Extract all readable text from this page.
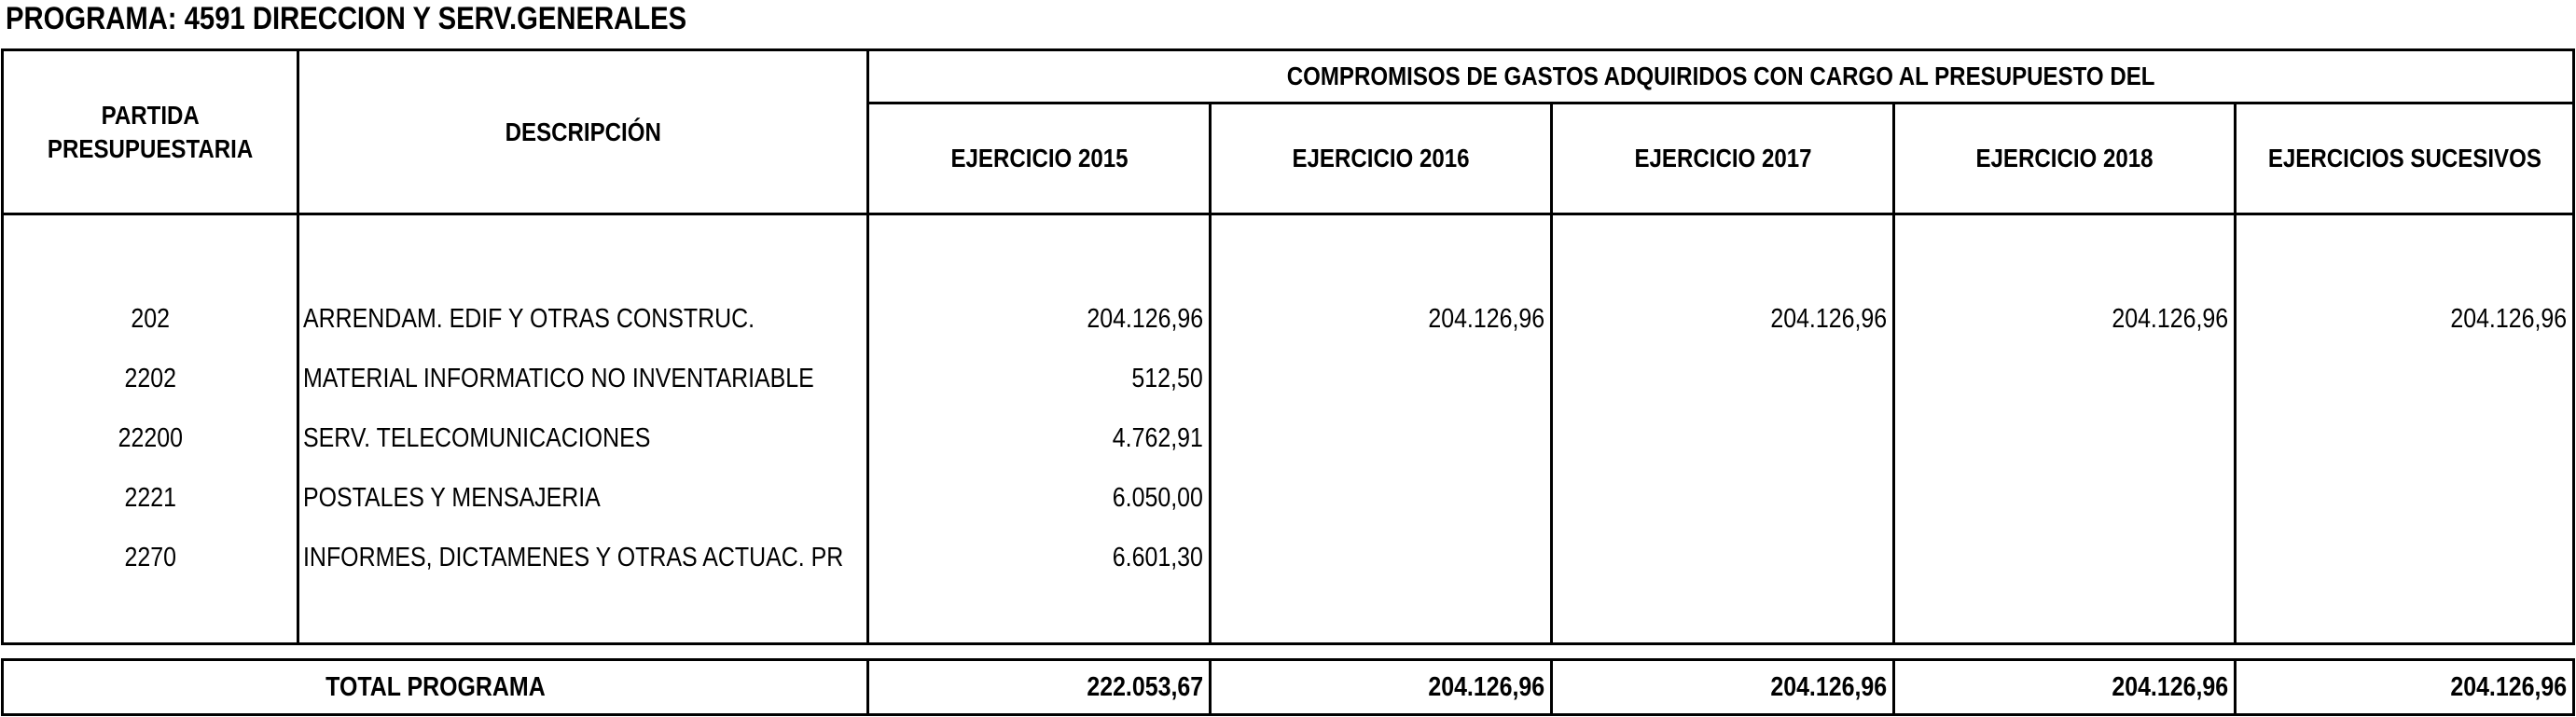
PROGRAMA: 4591 DIRECCION Y SERV.GENERALES
PARTIDA
PRESUPUESTARIA
DESCRIPCIÓN
COMPROMISOS DE GASTOS ADQUIRIDOS CON CARGO AL PRESUPUESTO DEL
EJERCICIO 2015	EJERCICIO 2016	EJERCICIO 2017	EJERCICIO 2018	EJERCICIOS SUCESIVOS
202	ARRENDAM. EDIF Y OTRAS CONSTRUC.	204.126,96	204.126,96	204.126,96	204.126,96	204.126,96
2202	MATERIAL INFORMATICO NO INVENTARIABLE	512,50
22200	SERV. TELECOMUNICACIONES	4.762,91
2221	POSTALES Y MENSAJERIA	6.050,00
2270	INFORMES, DICTAMENES Y OTRAS ACTUAC. PR	6.601,30
TOTAL PROGRAMA	222.053,67	204.126,96	204.126,96	204.126,96	204.126,96
